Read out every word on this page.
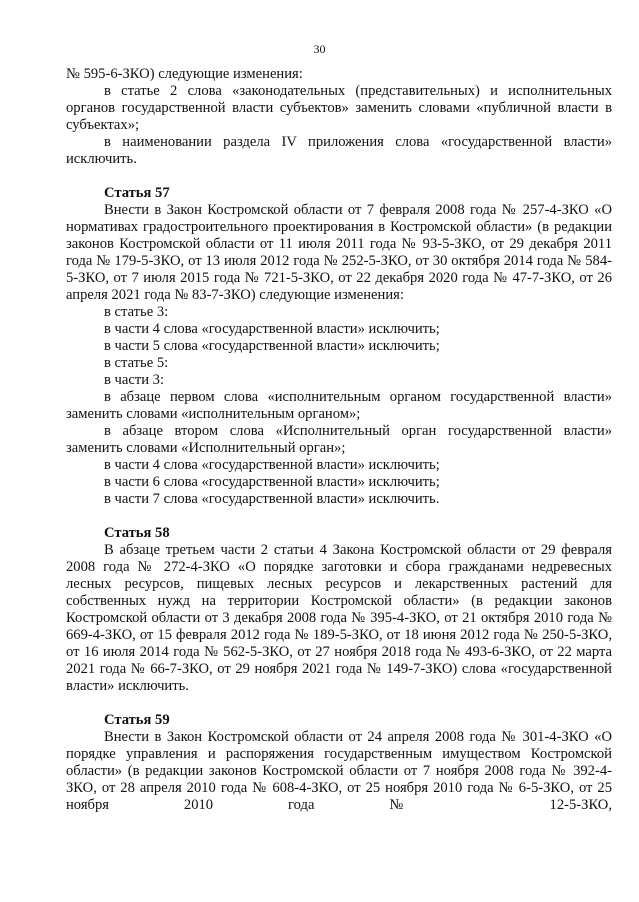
30

№ 595-6-ЗКО) следующие изменения:

в статье 2 слова «законодательных (представительных) и исполнительных органов государственной власти субъектов» заменить словами «публичной власти в субъектах»;

в наименовании раздела IV приложения слова «государственной власти» исключить.

Статья 57

Внести в Закон Костромской области от 7 февраля 2008 года № 257-4-ЗКО «О нормативах градостроительного проектирования в Костромской области» (в редакции законов Костромской области от 11 июля 2011 года № 93-5-ЗКО, от 29 декабря 2011 года № 179-5-ЗКО, от 13 июля 2012 года № 252-5-ЗКО, от 30 октября 2014 года № 584-5-ЗКО, от 7 июля 2015 года № 721-5-ЗКО, от 22 декабря 2020 года № 47-7-ЗКО, от 26 апреля 2021 года № 83-7-ЗКО) следующие изменения:

в статье 3:

в части 4 слова «государственной власти» исключить;

в части 5 слова «государственной власти» исключить;

в статье 5:

в части 3:

в абзаце первом слова «исполнительным органом государственной власти» заменить словами «исполнительным органом»;

в абзаце втором слова «Исполнительный орган государственной власти» заменить словами «Исполнительный орган»;

в части 4 слова «государственной власти» исключить;

в части 6 слова «государственной власти» исключить;

в части 7 слова «государственной власти» исключить.

Статья 58

В абзаце третьем части 2 статьи 4 Закона Костромской области от 29 февраля 2008 года № 272-4-ЗКО «О порядке заготовки и сбора гражданами недревесных лесных ресурсов, пищевых лесных ресурсов и лекарственных растений для собственных нужд на территории Костромской области» (в редакции законов Костромской области от 3 декабря 2008 года № 395-4-ЗКО, от 21 октября 2010 года № 669-4-ЗКО, от 15 февраля 2012 года № 189-5-ЗКО, от 18 июня 2012 года № 250-5-ЗКО, от 16 июля 2014 года № 562-5-ЗКО, от 27 ноября 2018 года № 493-6-ЗКО, от 22 марта 2021 года № 66-7-ЗКО, от 29 ноября 2021 года № 149-7-ЗКО) слова «государственной власти» исключить.

Статья 59

Внести в Закон Костромской области от 24 апреля 2008 года № 301-4-ЗКО «О порядке управления и распоряжения государственным имуществом Костромской области» (в редакции законов Костромской области от 7 ноября 2008 года № 392-4-ЗКО, от 28 апреля 2010 года № 608-4-ЗКО, от 25 ноября 2010 года № 6-5-ЗКО, от 25 ноября 2010 года № 12-5-ЗКО,
